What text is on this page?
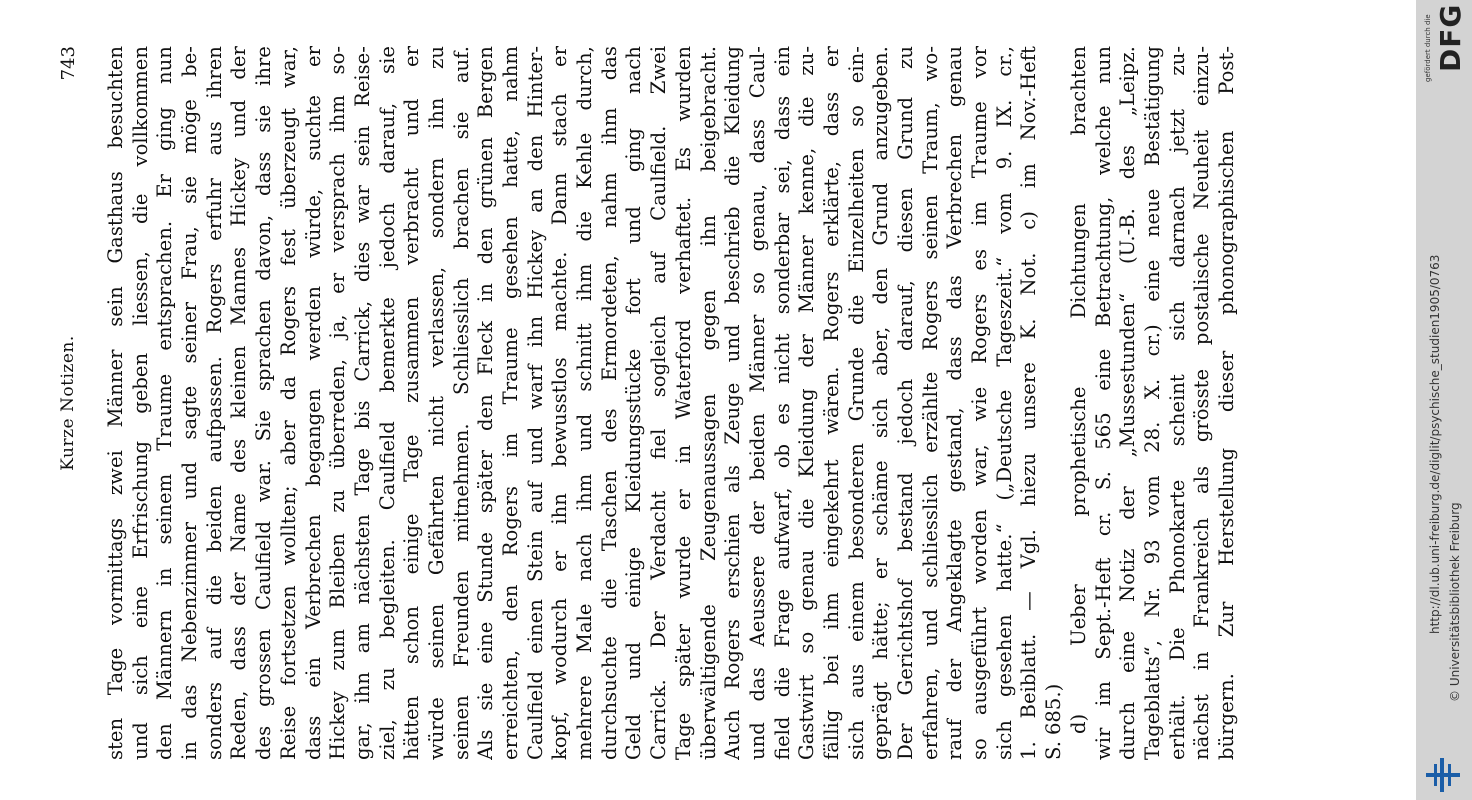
Kurze Notizen.
743
sten
Tage
vormittags
zwei
Männer
sein
Gasthaus
besuchten
und
sich
eine
Erfrischung
geben
liessen,
die
vollkommen
den
Männern
in
seinem
Traume
entsprachen.
Er
ging
nun
in
das
Nebenzimmer
und
sagte
seiner
Frau,
sie
möge
be-
sonders
auf
die
beiden
aufpassen.
Rogers
erfuhr
aus
ihren
Reden,
dass
der
Name
des
kleinen
Mannes
Hickey
und
der
des
grossen
Caulfield
war.
Sie
sprachen
davon,
dass
sie
ihre
Reise
fortsetzen
wollten;
aber
da
Rogers
fest
überzeugt
war,
dass
ein
Verbrechen
begangen
werden
würde,
suchte
er
Hickey
zum
Bleiben
zu
überreden,
ja,
er
versprach
ihm
so-
gar,
ihn
am
nächsten
Tage
bis
Carrick,
dies
war
sein
Reise-
ziel,
zu
begleiten.
Caulfield
bemerkte
jedoch
darauf,
sie
hätten
schon
einige
Tage
zusammen
verbracht
und
er
würde
seinen
Gefährten
nicht
verlassen,
sondern
ihn
zu
seinen
Freunden
mitnehmen.
Schliesslich
brachen
sie
auf.
Als
sie
eine
Stunde
später
den
Fleck
in
den
grünen
Bergen
erreichten,
den
Rogers
im
Traume
gesehen
hatte,
nahm
Caulfield
einen
Stein
auf
und
warf
ihn
Hickey
an
den
Hinter-
kopf,
wodurch
er
ihn
bewusstlos
machte.
Dann
stach
er
mehrere
Male
nach
ihm
und
schnitt
ihm
die
Kehle
durch,
durchsuchte
die
Taschen
des
Ermordeten,
nahm
ihm
das
Geld
und
einige
Kleidungsstücke
fort
und
ging
nach
Carrick.
Der
Verdacht
fiel
sogleich
auf
Caulfield.
Zwei
Tage
später
wurde
er
in
Waterford
verhaftet.
Es
wurden
überwältigende
Zeugenaussagen
gegen
ihn
beigebracht.
Auch
Rogers
erschien
als
Zeuge
und
beschrieb
die
Kleidung
und
das
Aeussere
der
beiden
Männer
so
genau,
dass
Caul-
field
die
Frage
aufwarf,
ob
es
nicht
sonderbar
sei,
dass
ein
Gastwirt
so
genau
die
Kleidung
der
Männer
kenne,
die
zu-
fällig
bei
ihm
eingekehrt
wären.
Rogers
erklärte,
dass
er
sich
aus
einem
besonderen
Grunde
die
Einzelheiten
so
ein-
geprägt
hätte;
er
schäme
sich
aber,
den
Grund
anzugeben.
Der
Gerichtshof
bestand
jedoch
darauf,
diesen
Grund
zu
erfahren,
und
schliesslich
erzählte
Rogers
seinen
Traum,
wo-
rauf
der
Angeklagte
gestand,
dass
das
Verbrechen
genau
so
ausgeführt
worden
war,
wie
Rogers
es
im
Traume
vor
sich
gesehen
hatte.“
(„Deutsche
Tageszeit.“
vom
9.
IX.
cr.,
1.
Beiblatt.
—
Vgl.
hiezu
unsere
K.
Not.
c)
im
Nov.-Heft
S.
685.) d)
Ueber
prophetische
Dichtungen
brachten
wir
im
Sept.-Heft
cr.
S.
565
eine
Betrachtung,
welche
nun
durch
eine
Notiz
der
„Mussestunden“
(U.-B.
des
„Leipz.
Tageblatts“,
Nr.
93
vom
28.
X.
cr.)
eine
neue
Bestätigung
erhält.
Die
Phonokarte
scheint
sich
darnach
jetzt
zu-
nächst
in
Frankreich
als
grösste
postalische
Neuheit
einzu-
bürgern.
Zur
Herstellung
dieser
phonographischen
Post-
© Universitätsbibliothek Freiburg
http://dl.ub.uni-freiburg.de/diglit/psychische_studien1905/0763
gefördert durch die DFG
